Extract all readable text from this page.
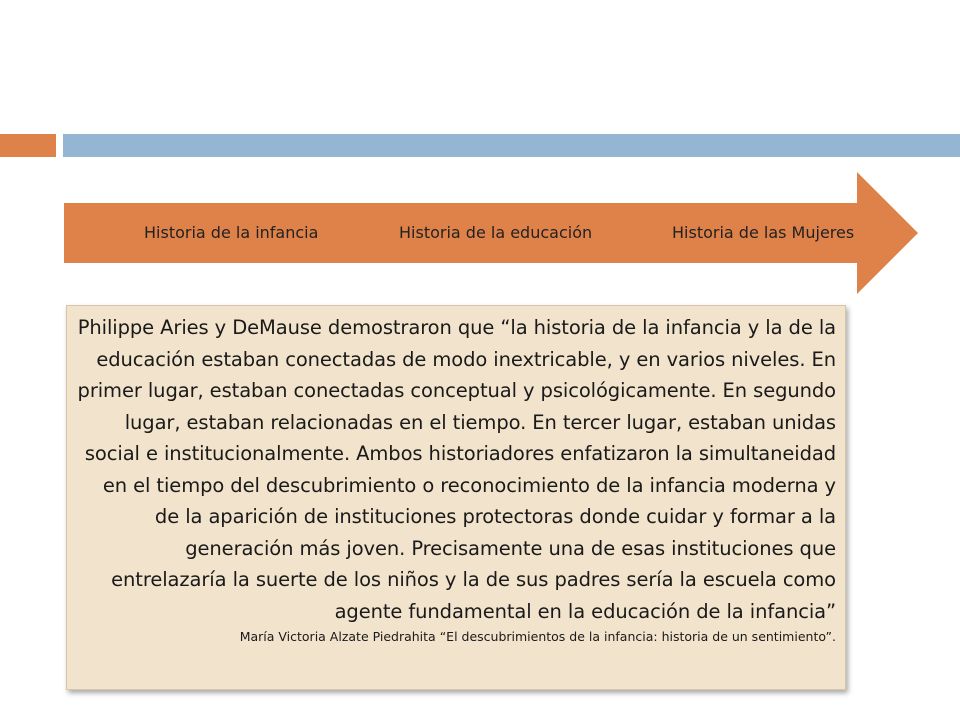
Historia de la infancia	Historia de la educación	Historia de las Mujeres

Philippe Aries y DeMause demostraron que “la historia de la infancia y la de la educación estaban conectadas de modo inextricable, y en varios niveles. En primer lugar, estaban conectadas conceptual y psicológicamente. En segundo lugar, estaban relacionadas en el tiempo. En tercer lugar, estaban unidas social e institucionalmente. Ambos historiadores enfatizaron la simultaneidad en el tiempo del descubrimiento o reconocimiento de la infancia moderna y de la aparición de instituciones protectoras donde cuidar y formar a la generación más joven. Precisamente una de esas instituciones que entrelazaría la suerte de los niños y la de sus padres sería la escuela como agente fundamental en la educación de la infancia”

María Victoria Alzate Piedrahita “El descubrimientos de la infancia: historia de un sentimiento”.
